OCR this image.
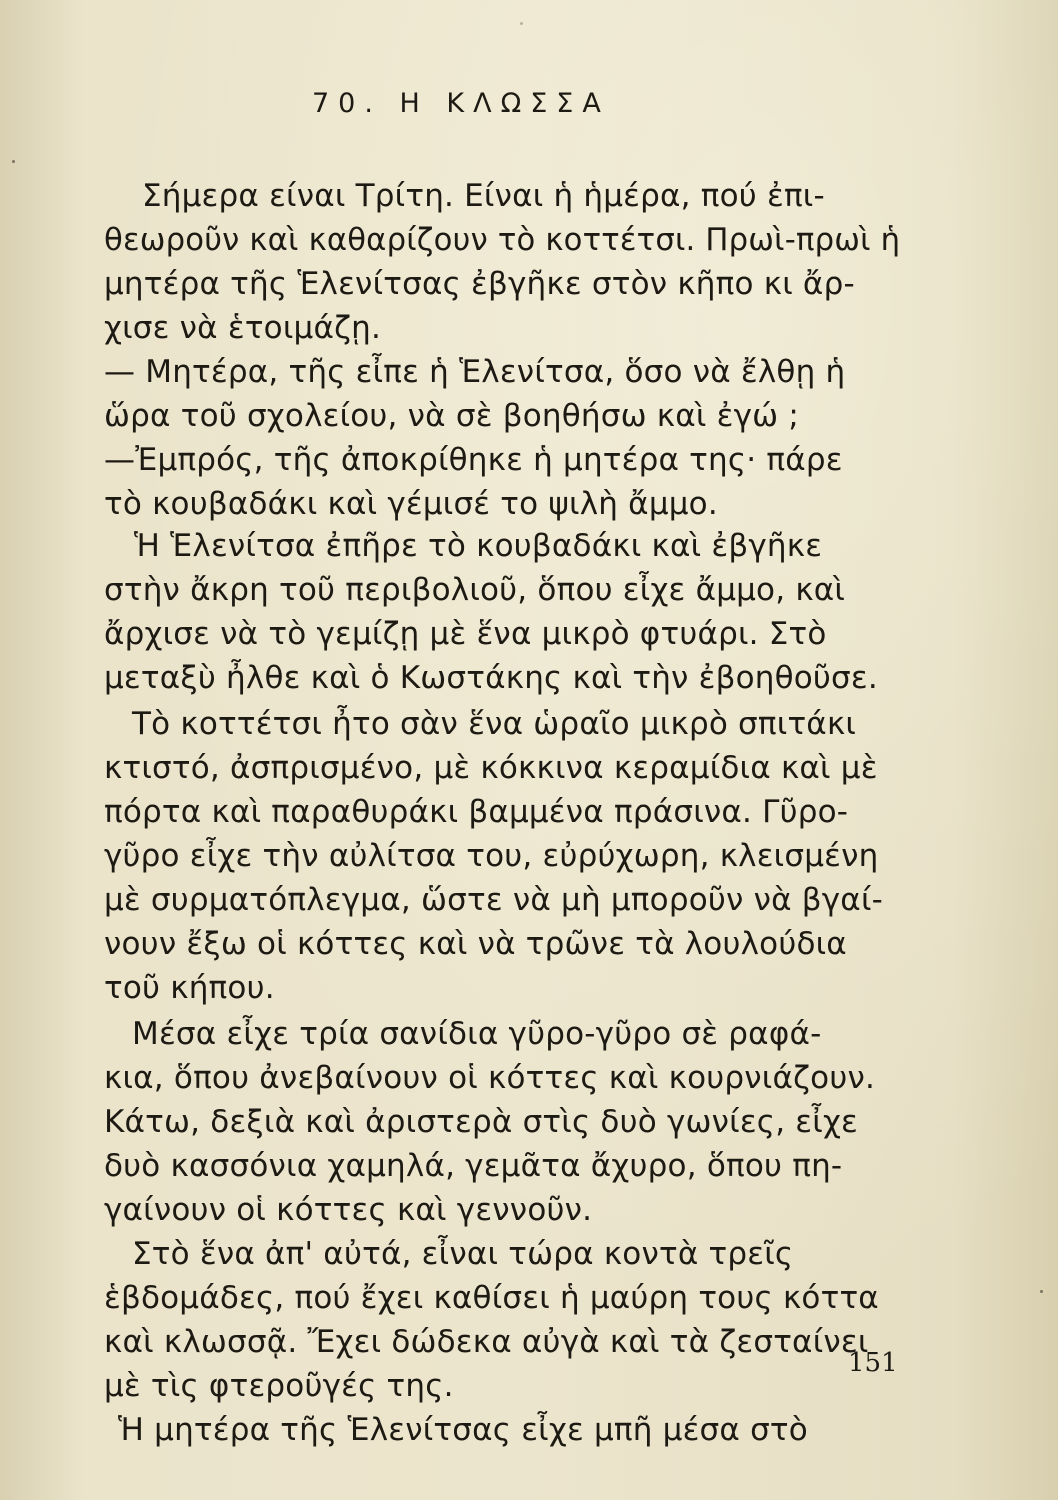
70. Η ΚΛΩΣΣΑ
Σήμερα είναι Τρίτη. Είναι ἡ ἡμέρα, πού ἐπι-
θεωροῦν καὶ καθαρίζουν τὸ κοττέτσι. Πρωὶ-πρωὶ ἡ
μητέρα τῆς Ἑλενίτσας ἐβγῆκε στὸν κῆπο κι ἄρ-
χισε νὰ ἑτοιμάζῃ.
— Μητέρα, τῆς εἶπε ἡ Ἑλενίτσα, ὅσο νὰ ἔλθῃ ἡ
ὥρα τοῦ σχολείου, νὰ σὲ βοηθήσω καὶ ἐγώ ;
—Ἐμπρός, τῆς ἀποκρίθηκε ἡ μητέρα της· πάρε
τὸ κουβαδάκι καὶ γέμισέ το ψιλὴ ἄμμο.
Ἡ Ἑλενίτσα ἐπῆρε τὸ κουβαδάκι καὶ ἐβγῆκε
στὴν ἄκρη τοῦ περιβολιοῦ, ὅπου εἶχε ἄμμο, καὶ
ἄρχισε νὰ τὸ γεμίζῃ μὲ ἕνα μικρὸ φτυάρι. Στὸ
μεταξὺ ἦλθε καὶ ὁ Κωστάκης καὶ τὴν ἐβοηθοῦσε.
Τὸ κοττέτσι ἦτο σὰν ἕνα ὡραῖο μικρὸ σπιτάκι
κτιστό, ἀσπρισμένο, μὲ κόκκινα κεραμίδια καὶ μὲ
πόρτα καὶ παραθυράκι βαμμένα πράσινα. Γῦρο-
γῦρο εἶχε τὴν αὐλίτσα του, εὐρύχωρη, κλεισμένη
μὲ συρματόπλεγμα, ὥστε νὰ μὴ μποροῦν νὰ βγαί-
νουν ἔξω οἱ κόττες καὶ νὰ τρῶνε τὰ λουλούδια
τοῦ κήπου.
Μέσα εἶχε τρία σανίδια γῦρο-γῦρο σὲ ραφά-
κια, ὅπου ἀνεβαίνουν οἱ κόττες καὶ κουρνιάζουν.
Κάτω, δεξιὰ καὶ ἀριστερὰ στὶς δυὸ γωνίες, εἶχε
δυὸ κασσόνια χαμηλά, γεμᾶτα ἄχυρο, ὅπου πη-
γαίνουν οἱ κόττες καὶ γεννοῦν.
Στὸ ἕνα ἀπ' αὐτά, εἶναι τώρα κοντὰ τρεῖς
ἑβδομάδες, πού ἔχει καθίσει ἡ μαύρη τους κόττα
καὶ κλωσσᾷ. Ἔχει δώδεκα αὐγὰ καὶ τὰ ζεσταίνει
μὲ τὶς φτεροῦγές της.
Ἡ μητέρα τῆς Ἑλενίτσας εἶχε μπῆ μέσα στὸ
151
